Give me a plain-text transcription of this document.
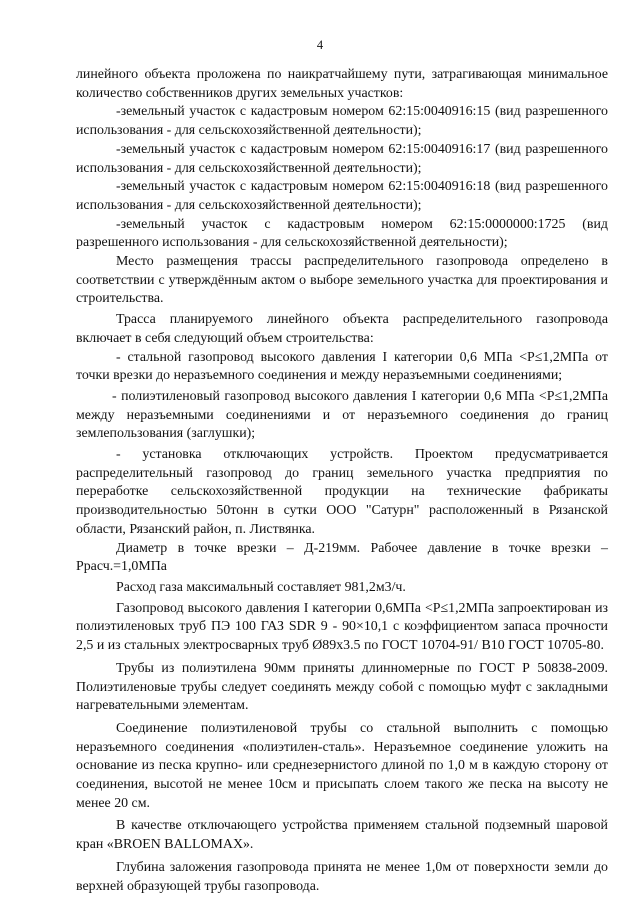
4

линейного объекта проложена по наикратчайшему пути, затрагивающая минимальное количество собственников других земельных участков:

-земельный участок с кадастровым номером 62:15:0040916:15 (вид разрешенного использования - для сельскохозяйственной деятельности);

-земельный участок с кадастровым номером 62:15:0040916:17 (вид разрешенного использования - для сельскохозяйственной деятельности);

-земельный участок с кадастровым номером 62:15:0040916:18 (вид разрешенного использования - для сельскохозяйственной деятельности);

-земельный участок с кадастровым номером 62:15:0000000:1725 (вид разрешенного использования - для сельскохозяйственной деятельности);

Место размещения трассы распределительного газопровода определено в соответствии с утверждённым актом о выборе земельного участка для проектирования и строительства.

Трасса планируемого линейного объекта распределительного газопровода включает в себя следующий объем строительства:

- стальной газопровод высокого давления I категории 0,6 МПа <Р≤1,2МПа от точки врезки до неразъемного соединения и между неразъемными соединениями;

- полиэтиленовый газопровод высокого давления I категории 0,6 МПа <Р≤1,2МПа между неразъемными соединениями и от неразъемного соединения до границ землепользования (заглушки);

- установка отключающих устройств. Проектом предусматривается распределительный газопровод до границ земельного участка предприятия по переработке сельскохозяйственной продукции на технические фабрикаты производительностью 50тонн в сутки ООО "Сатурн" расположенный в Рязанской области, Рязанский район, п. Листвянка.

Диаметр в точке врезки – Д-219мм. Рабочее давление в точке врезки – Ррасч.=1,0МПа

Расход газа максимальный составляет 981,2м3/ч.

Газопровод высокого давления I категории 0,6МПа <Р≤1,2МПа запроектирован из полиэтиленовых труб ПЭ 100 ГАЗ SDR 9 - 90×10,1 с коэффициентом запаса прочности 2,5 и из стальных электросварных труб Ø89х3.5 по ГОСТ 10704-91/ В10 ГОСТ 10705-80.

Трубы из полиэтилена 90мм приняты длинномерные по ГОСТ Р 50838-2009. Полиэтиленовые трубы следует соединять между собой с помощью муфт с закладными нагревательными элементам.

Соединение полиэтиленовой трубы со стальной выполнить с помощью неразъемного соединения «полиэтилен-сталь». Неразъемное соединение уложить на основание из песка крупно- или среднезернистого длиной по 1,0 м в каждую сторону от соединения, высотой не менее 10см и присыпать слоем такого же песка на высоту не менее 20 см.

В качестве отключающего устройства применяем стальной подземный шаровой кран «BROEN BALLOMAX».

Глубина заложения газопровода принята не менее 1,0м от поверхности земли до верхней образующей трубы газопровода.
